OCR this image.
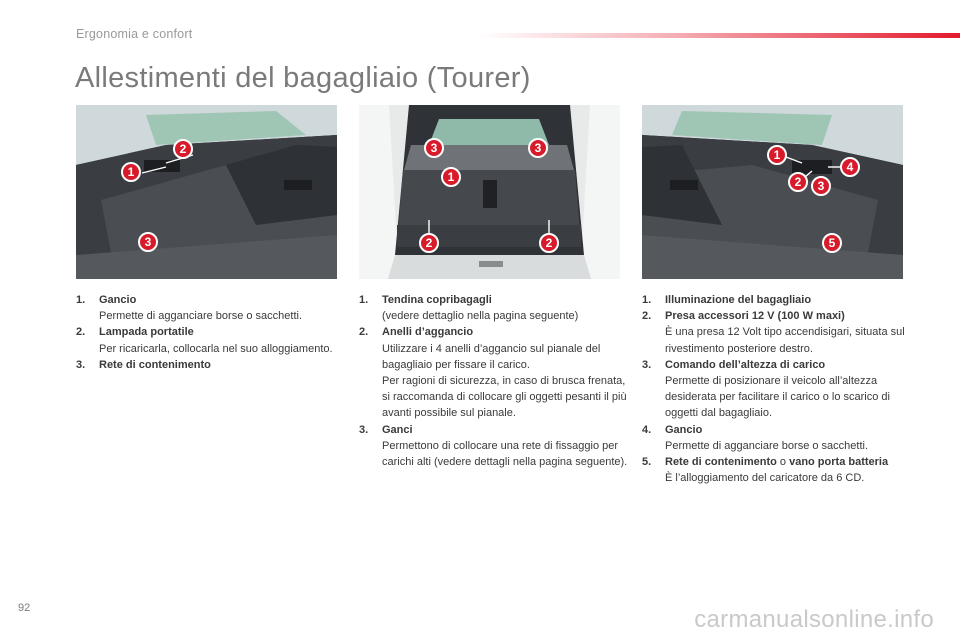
Ergonomia e confort
Allestimenti del bagagliaio (Tourer)
2
1
3
3	3
1
2	2
1
2 3
4
5
1. Gancio
Permette di agganciare borse o sacchetti.
2. Lampada portatile
Per ricaricarla, collocarla nel suo alloggiamento.
3. Rete di contenimento
1. Tendina copribagagli
(vedere dettaglio nella pagina seguente)
2. Anelli d’aggancio
Utilizzare i 4 anelli d’aggancio sul pianale del bagagliaio per fissare il carico.
Per ragioni di sicurezza, in caso di brusca frenata, si raccomanda di collocare gli oggetti pesanti il più avanti possibile sul pianale.
3. Ganci
Permettono di collocare una rete di fissaggio per carichi alti (vedere dettagli nella pagina seguente).
1. Illuminazione del bagagliaio
2. Presa accessori 12 V (100 W maxi)
È una presa 12 Volt tipo accendisigari, situata sul rivestimento posteriore destro.
3. Comando dell’altezza di carico
Permette di posizionare il veicolo all’altezza desiderata per facilitare il carico o lo scarico di oggetti dal bagagliaio.
4. Gancio
Permette di agganciare borse o sacchetti.
5. Rete di contenimento o vano porta batteria
È l’alloggiamento del caricatore da 6 CD.
92	carmanualsonline.info
